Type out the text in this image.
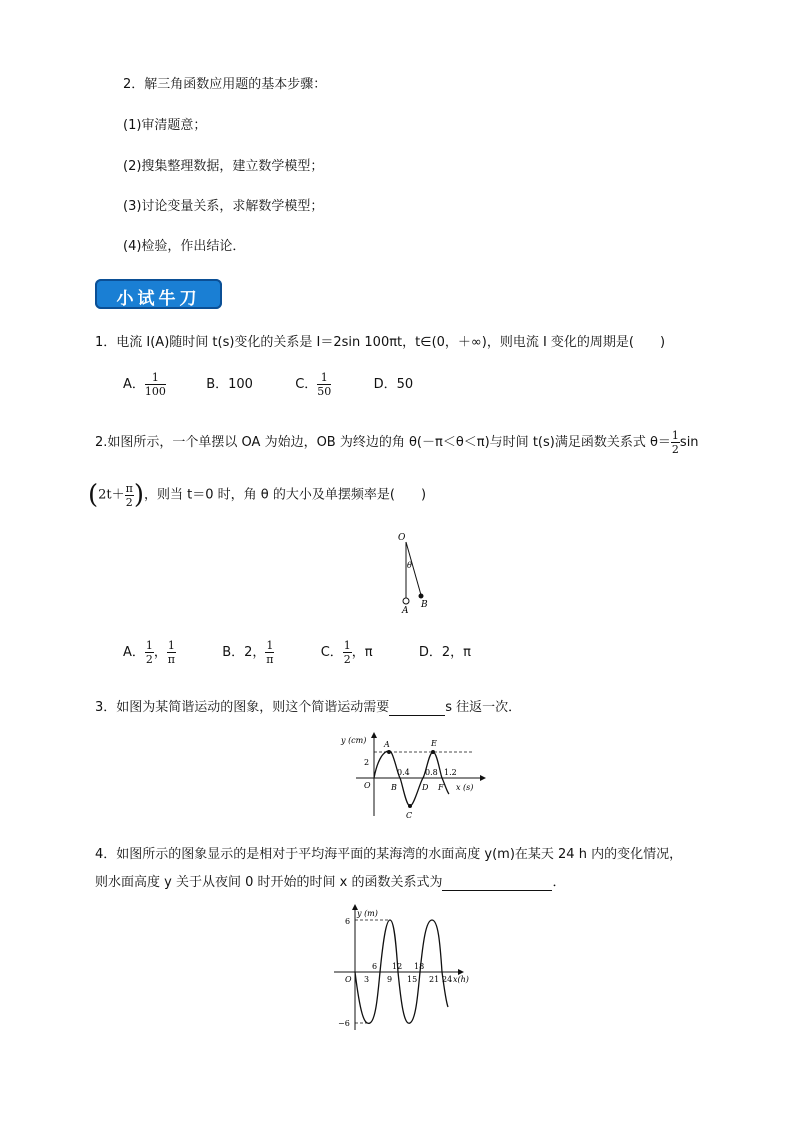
2．解三角函数应用题的基本步骤：
(1)审清题意；
(2)搜集整理数据，建立数学模型；
(3)讨论变量关系，求解数学模型；
(4)检验，作出结论．
小试牛刀
1．电流 I(A)随时间 t(s)变化的关系是 I＝2sin 100πt，t∈(0，＋∞)，则电流 I 变化的周期是(　　)
A． $\frac{1}{100}$	B．100	C． $\frac{1}{50}$	D．50
2.如图所示，一个单摆以 OA 为始边，OB 为终边的角 θ(－π＜θ＜π)与时间 t(s)满足函数关系式 $\theta= \frac{1}{2}$ sin
($2t+ \frac{\pi}{2}$ )，则当 t＝0 时，角 θ 的大小及单摆频率是(　　)
O
θ
A
B
A． $\frac{1}{2}$ ， $\frac{1}{\pi}$	B．2， $\frac{1}{\pi}$	C． $\frac{1}{2}$ ，π	D．2，π
3．如图为某简谐运动的图象，则这个简谐运动需要	s 往返一次．
y (cm)
x (s)
O
2
A
B
C
D
E
F
0.4 0.8 1.2
4．如图所示的图象显示的是相对于平均海平面的某海湾的水面高度 y(m)在某天 24 h 内的变化情况，
则水面高度 y 关于从夜间 0 时开始的时间 x 的函数关系式为	．
y (m)
x(h)
O
6
−6
6 12 18
3 9 15 21 24
